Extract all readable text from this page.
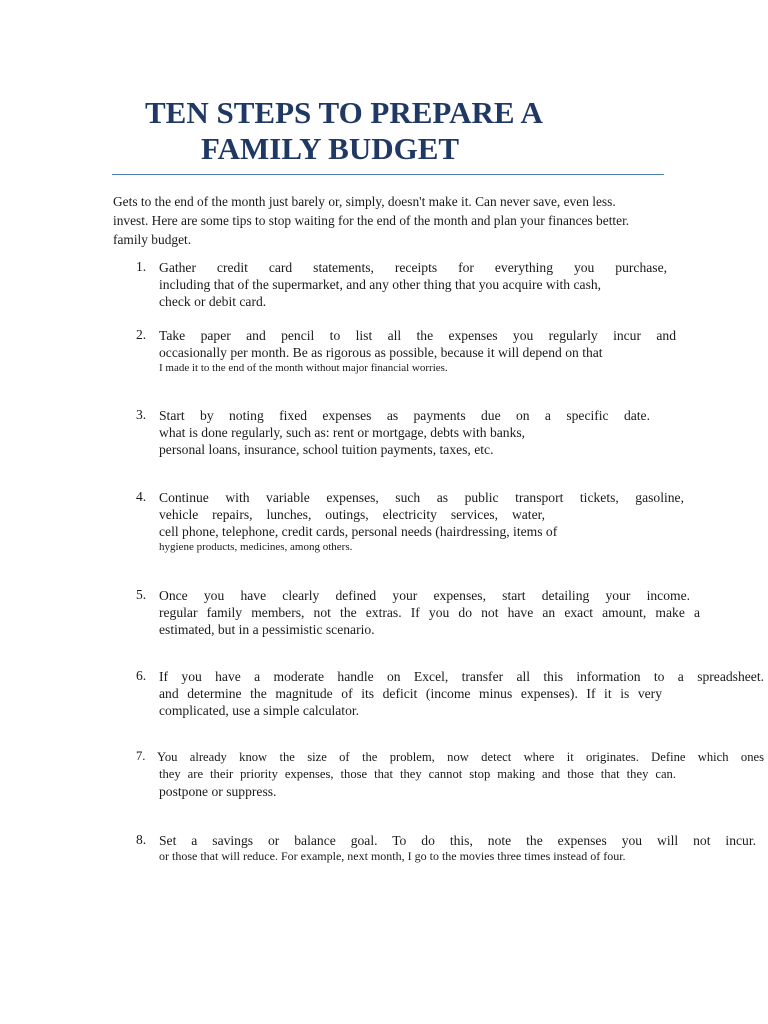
TEN STEPS TO PREPARE A
FAMILY BUDGET
Gets to the end of the month just barely or, simply, doesn't make it. Can never save, even less.
invest. Here are some tips to stop waiting for the end of the month and plan your finances better.
family budget.
1. Gather credit card statements, receipts for everything you purchase,
including that of the supermarket, and any other thing that you acquire with cash,
check or debit card.
2. Take paper and pencil to list all the expenses you regularly incur and
occasionally per month. Be as rigorous as possible, because it will depend on that
I made it to the end of the month without major financial worries.
3. Start by noting fixed expenses as payments due on a specific date.
what is done regularly, such as: rent or mortgage, debts with banks,
personal loans, insurance, school tuition payments, taxes, etc.
4. Continue with variable expenses, such as public transport tickets, gasoline,
vehicle repairs, lunches, outings, electricity services, water,
cell phone, telephone, credit cards, personal needs (hairdressing, items of
hygiene products, medicines, among others.
5. Once you have clearly defined your expenses, start detailing your income.
regular family members, not the extras. If you do not have an exact amount, make a
estimated, but in a pessimistic scenario.
6. If you have a moderate handle on Excel, transfer all this information to a spreadsheet.
and determine the magnitude of its deficit (income minus expenses). If it is very
complicated, use a simple calculator.
7. You already know the size of the problem, now detect where it originates. Define which ones
they are their priority expenses, those that they cannot stop making and those that they can.
postpone or suppress.
8. Set a savings or balance goal. To do this, note the expenses you will not incur.
or those that will reduce. For example, next month, I go to the movies three times instead of four.
